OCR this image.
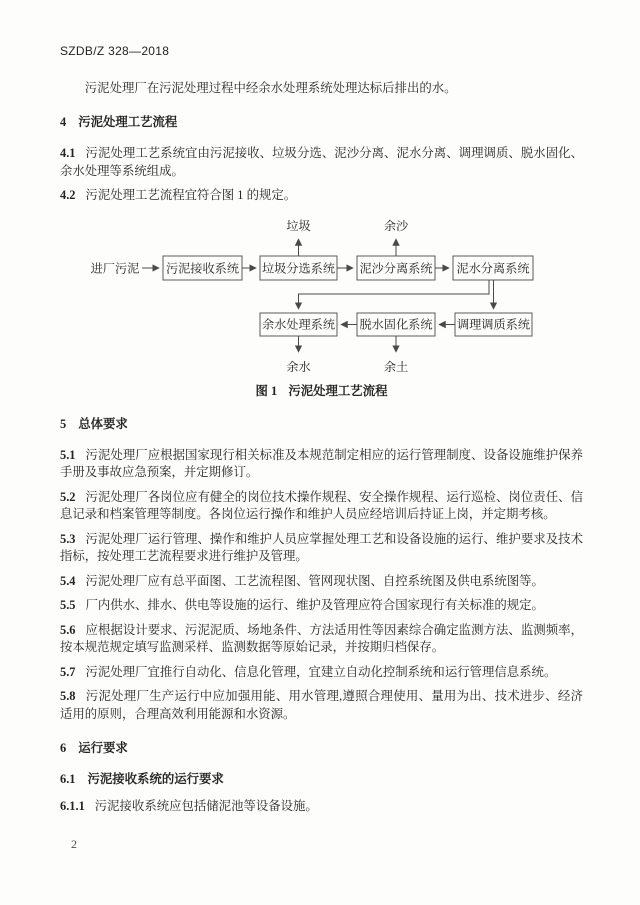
SZDB/Z 328—2018

污泥处理厂在污泥处理过程中经余水处理系统处理达标后排出的水。

4 污泥处理工艺流程

4.1 污泥处理工艺系统宜由污泥接收、垃圾分选、泥沙分离、泥水分离、调理调质、脱水固化、余水处理等系统组成。

4.2 污泥处理工艺流程宜符合图 1 的规定。

进厂污泥 污泥接收系统 垃圾分选系统 泥沙分离系统 泥水分离系统
余水处理系统 脱水固化系统 调理调质系统
垃圾	余沙
余水	余土
图 1 污泥处理工艺流程

5 总体要求

5.1 污泥处理厂应根据国家现行相关标准及本规范制定相应的运行管理制度、设备设施维护保养手册及事故应急预案，并定期修订。

5.2 污泥处理厂各岗位应有健全的岗位技术操作规程、安全操作规程、运行巡检、岗位责任、信息记录和档案管理等制度。各岗位运行操作和维护人员应经培训后持证上岗，并定期考核。

5.3 污泥处理厂运行管理、操作和维护人员应掌握处理工艺和设备设施的运行、维护要求及技术指标，按处理工艺流程要求进行维护及管理。

5.4 污泥处理厂应有总平面图、工艺流程图、管网现状图、自控系统图及供电系统图等。

5.5 厂内供水、排水、供电等设施的运行、维护及管理应符合国家现行有关标准的规定。

5.6 应根据设计要求、污泥泥质、场地条件、方法适用性等因素综合确定监测方法、监测频率，按本规范规定填写监测采样、监测数据等原始记录，并按期归档保存。

5.7 污泥处理厂宜推行自动化、信息化管理，宜建立自动化控制系统和运行管理信息系统。

5.8 污泥处理厂生产运行中应加强用能、用水管理,遵照合理使用、量用为出、技术进步、经济适用的原则，合理高效利用能源和水资源。

6 运行要求

6.1 污泥接收系统的运行要求

6.1.1 污泥接收系统应包括储泥池等设备设施。

2
